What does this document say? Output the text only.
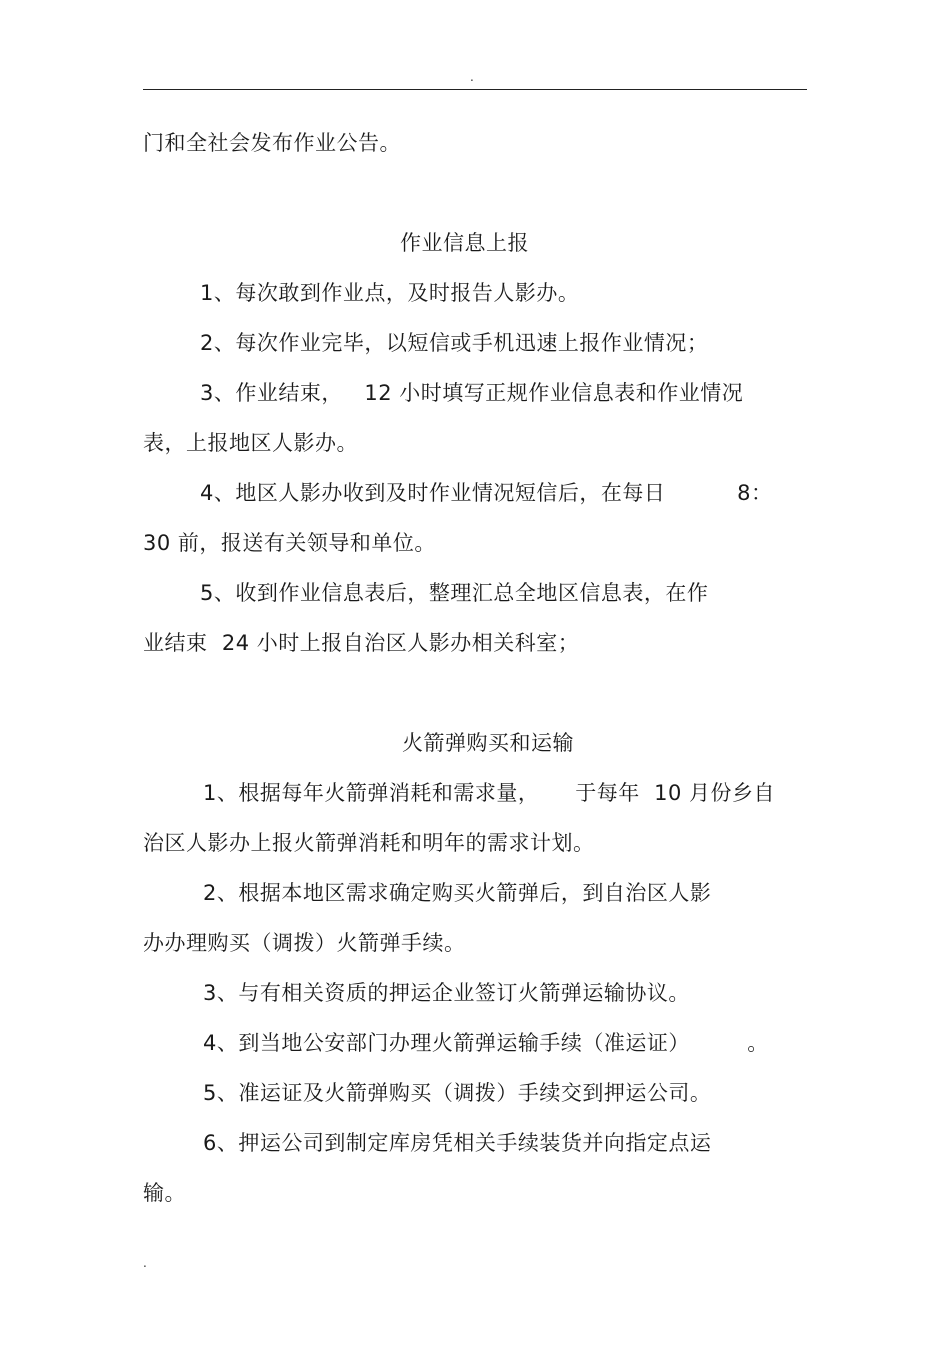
.
门和全社会发布作业公告。
作业信息上报
1、每次敢到作业点，及时报告人影办。
2、每次作业完毕，以短信或手机迅速上报作业情况；
3、作业结束，   12 小时填写正规作业信息表和作业情况
表，上报地区人影办。
4、地区人影办收到及时作业情况短信后，在每日          8：
30 前，报送有关领导和单位。
5、收到作业信息表后，整理汇总全地区信息表，在作
业结束  24 小时上报自治区人影办相关科室；
火箭弹购买和运输
1、根据每年火箭弹消耗和需求量，     于每年  10 月份乡自
治区人影办上报火箭弹消耗和明年的需求计划。
2、根据本地区需求确定购买火箭弹后，到自治区人影
办办理购买（调拨）火箭弹手续。
3、与有相关资质的押运企业签订火箭弹运输协议。
4、到当地公安部门办理火箭弹运输手续（准运证）        。
5、准运证及火箭弹购买（调拨）手续交到押运公司。
6、押运公司到制定库房凭相关手续装货并向指定点运
输。
.
